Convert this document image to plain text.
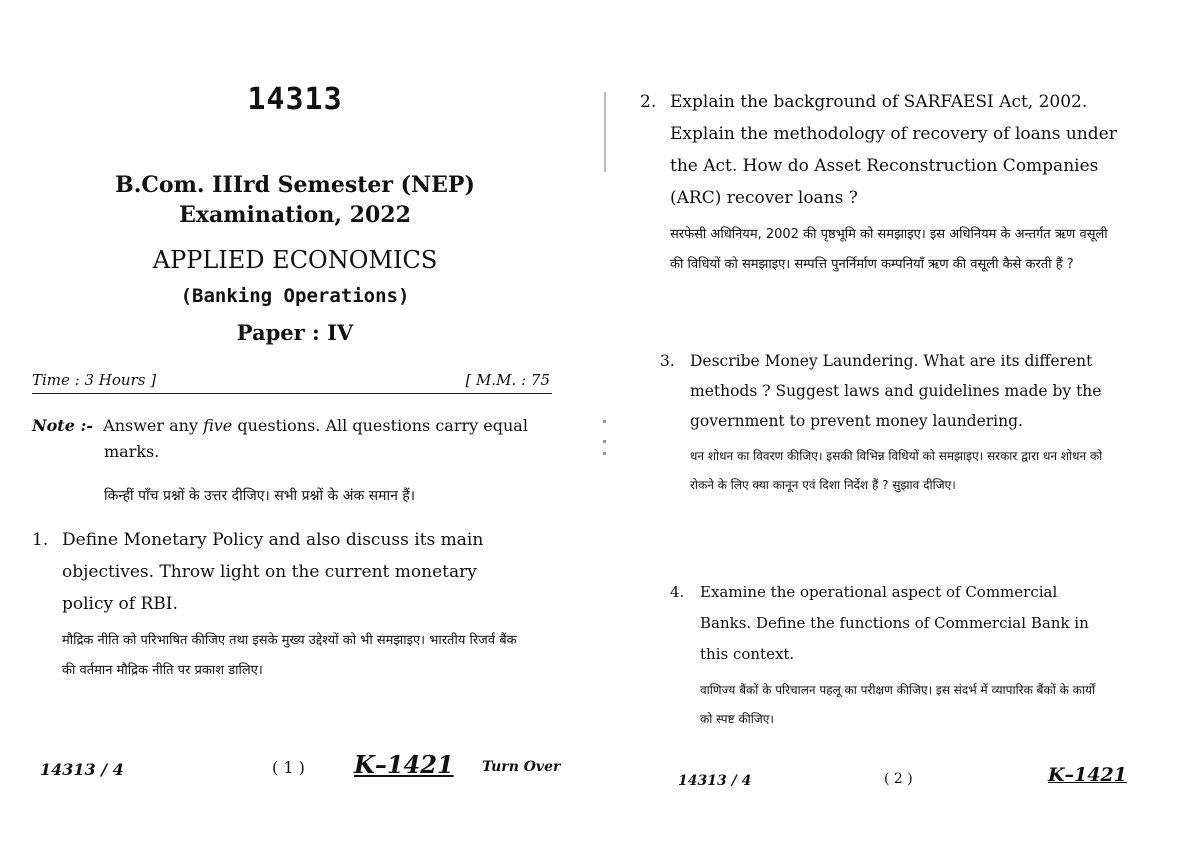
14313
B.Com. IIIrd Semester (NEP)
Examination, 2022
APPLIED ECONOMICS
(Banking Operations)
Paper : IV
Time : 3 Hours ]	[ M.M. : 75
Note :- Answer any five questions. All questions carry equal marks.
किन्हीं पाँच प्रश्नों के उत्तर दीजिए। सभी प्रश्नों के अंक समान हैं।
1. Define Monetary Policy and also discuss its main objectives. Throw light on the current monetary policy of RBI.
मौद्रिक नीति को परिभाषित कीजिए तथा इसके मुख्य उद्देश्यों को भी समझाइए। भारतीय रिजर्व बैंक की वर्तमान मौद्रिक नीति पर प्रकाश डालिए।
14313 / 4	( 1 ) K–1421 Turn Over
2. Explain the background of SARFAESI Act, 2002. Explain the methodology of recovery of loans under the Act. How do Asset Reconstruction Companies (ARC) recover loans ?
सरफेसी अधिनियम, 2002 की पृष्ठभूमि को समझाइए। इस अधिनियम के अन्तर्गत ऋण वसूली की विधियों को समझाइए। सम्पत्ति पुनर्निर्माण कम्पनियाँ ऋण की वसूली कैसे करती हैं ?
3. Describe Money Laundering. What are its different methods ? Suggest laws and guidelines made by the government to prevent money laundering.
धन शोधन का विवरण कीजिए। इसकी विभिन्न विधियों को समझाइए। सरकार द्वारा धन शोधन को रोकने के लिए क्या कानून एवं दिशा निर्देश हैं ? सुझाव दीजिए।
4. Examine the operational aspect of Commercial Banks. Define the functions of Commercial Bank in this context.
वाणिज्य बैंकों के परिचालन पहलू का परीक्षण कीजिए। इस संदर्भ में व्यापारिक बैंकों के कार्यों को स्पष्ट कीजिए।
14313 / 4	( 2 )	K–1421
